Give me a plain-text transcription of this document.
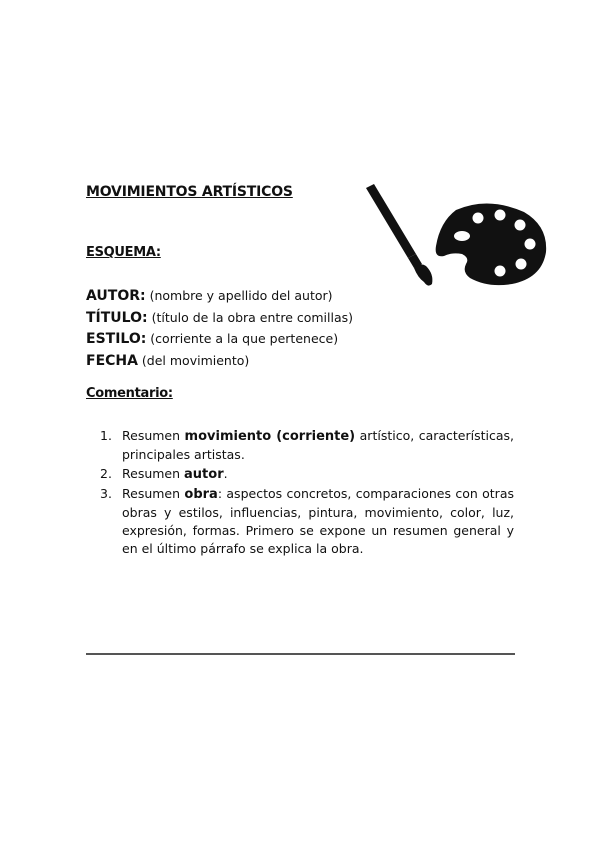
MOVIMIENTOS ARTÍSTICOS
ESQUEMA:
AUTOR: (nombre y apellido del autor)
TÍTULO: (título de la obra entre comillas)
ESTILO: (corriente a la que pertenece)
FECHA (del movimiento)
Comentario:
1. Resumen movimiento (corriente) artístico, características, principales artistas.
2. Resumen autor.
3. Resumen obra: aspectos concretos, comparaciones con otras obras y estilos, influencias, pintura, movimiento, color, luz, expresión, formas. Primero se expone un resumen general y en el último párrafo se explica la obra.
